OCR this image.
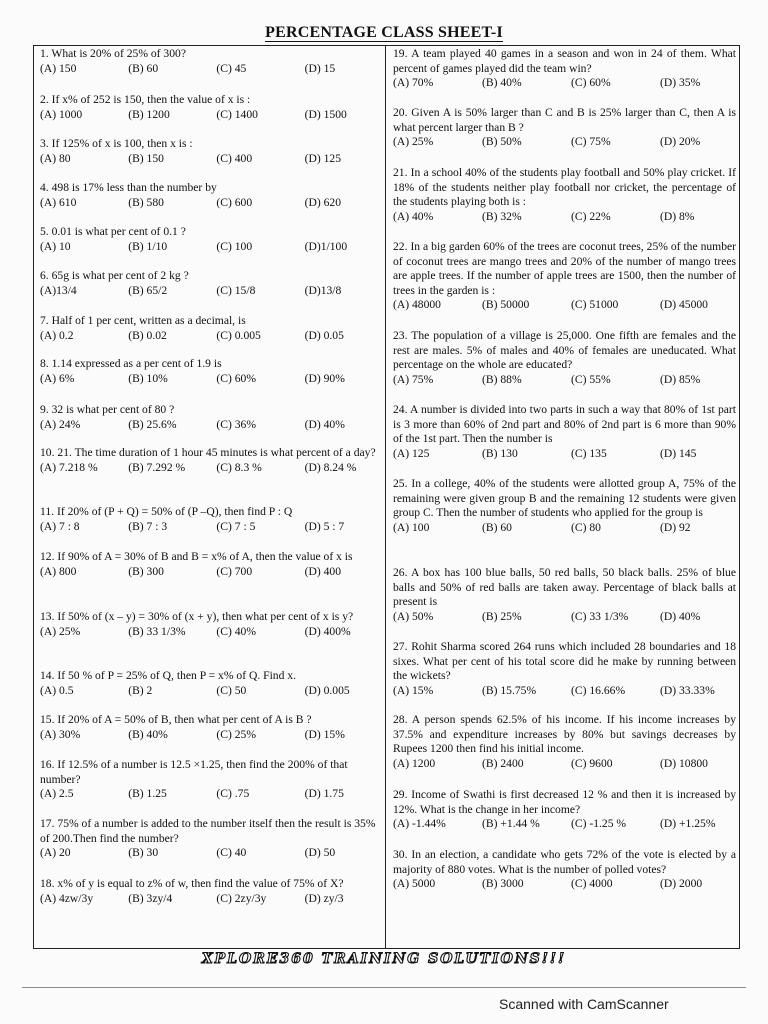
PERCENTAGE CLASS SHEET-I
1. What is 20% of 25% of 300?
(A) 150	(B) 60	(C) 45	(D) 15
2. If x% of 252 is 150, then the value of x is :
(A) 1000	(B) 1200	(C) 1400	(D) 1500
3. If 125% of x is 100, then x is :
(A) 80	(B) 150	(C) 400	(D) 125
4. 498 is 17% less than the number by
(A) 610	(B) 580	(C) 600	(D) 620
5. 0.01 is what per cent of 0.1 ?
(A) 10	(B) 1/10	(C) 100	(D)1/100
6. 65g is what per cent of 2 kg ?
(A)13/4	(B) 65/2	(C) 15/8	(D)13/8
7. Half of 1 per cent, written as a decimal, is
(A) 0.2	(B) 0.02	(C) 0.005	(D) 0.05
8. 1.14 expressed as a per cent of 1.9 is
(A) 6%	(B) 10%	(C) 60%	(D) 90%
9. 32 is what per cent of 80 ?
(A) 24%	(B) 25.6%	(C) 36%	(D) 40%
10. 21. The time duration of 1 hour 45 minutes is what percent of a day?
(A) 7.218 %	(B) 7.292 %	(C) 8.3 %	(D) 8.24 %
11. If 20% of (P + Q) = 50% of (P –Q), then find P : Q
(A) 7 : 8	(B) 7 : 3	(C) 7 : 5	(D) 5 : 7
12. If 90% of A = 30% of B and B = x% of A, then the value of x is
(A) 800	(B) 300	(C) 700	(D) 400
13. If 50% of (x – y) = 30% of (x + y), then what per cent of x is y?
(A) 25%	(B) 33 1/3%	(C) 40%	(D) 400%
14. If 50 % of P = 25% of Q, then P = x% of Q. Find x.
(A) 0.5	(B) 2	(C) 50	(D) 0.005
15. If 20% of A = 50% of B, then what per cent of A is B ?
(A) 30%	(B) 40%	(C) 25%	(D) 15%
16. If 12.5% of a number is 12.5 ×1.25, then find the 200% of that number?
(A) 2.5	(B) 1.25	(C) .75	(D) 1.75
17. 75% of a number is added to the number itself then the result is 35% of 200.Then find the number?
(A) 20	(B) 30	(C) 40	(D) 50
18. x% of y is equal to z% of w, then find the value of 75% of X?
(A) 4zw/3y	(B) 3zy/4	(C) 2zy/3y	(D) zy/3
19. A team played 40 games in a season and won in 24 of them. What percent of games played did the team win?
(A) 70%	(B) 40%	(C) 60%	(D) 35%
20. Given A is 50% larger than C and B is 25% larger than C, then A is what percent larger than B ?
(A) 25%	(B) 50%	(C) 75%	(D) 20%
21. In a school 40% of the students play football and 50% play cricket. If 18% of the students neither play football nor cricket, the percentage of the students playing both is :
(A) 40%	(B) 32%	(C) 22%	(D) 8%
22. In a big garden 60% of the trees are coconut trees, 25% of the number of coconut trees are mango trees and 20% of the number of mango trees are apple trees. If the number of apple trees are 1500, then the number of trees in the garden is :
(A) 48000	(B) 50000	(C) 51000	(D) 45000
23. The population of a village is 25,000. One fifth are females and the rest are males. 5% of males and 40% of females are uneducated. What percentage on the whole are educated?
(A) 75%	(B) 88%	(C) 55%	(D) 85%
24. A number is divided into two parts in such a way that 80% of 1st part is 3 more than 60% of 2nd part and 80% of 2nd part is 6 more than 90% of the 1st part. Then the number is
(A) 125	(B) 130	(C) 135	(D) 145
25. In a college, 40% of the students were allotted group A, 75% of the remaining were given group B and the remaining 12 students were given group C. Then the number of students who applied for the group is
(A) 100	(B) 60	(C) 80	(D) 92
26. A box has 100 blue balls, 50 red balls, 50 black balls. 25% of blue balls and 50% of red balls are taken away. Percentage of black balls at present is
(A) 50%	(B) 25%	(C) 33 1/3%	(D) 40%
27. Rohit Sharma scored 264 runs which included 28 boundaries and 18 sixes. What per cent of his total score did he make by running between the wickets?
(A) 15%	(B) 15.75%	(C) 16.66%	(D) 33.33%
28. A person spends 62.5% of his income. If his income increases by 37.5% and expenditure increases by 80% but savings decreases by Rupees 1200 then find his initial income.
(A) 1200	(B) 2400	(C) 9600	(D) 10800
29. Income of Swathi is first decreased 12 % and then it is increased by 12%. What is the change in her income?
(A) -1.44%	(B) +1.44 %	(C) -1.25 %	(D) +1.25%
30. In an election, a candidate who gets 72% of the vote is elected by a majority of 880 votes. What is the number of polled votes?
(A) 5000	(B) 3000	(C) 4000	(D) 2000
XPLORE360 TRAINING SOLUTIONS!!!
Scanned with CamScanner
